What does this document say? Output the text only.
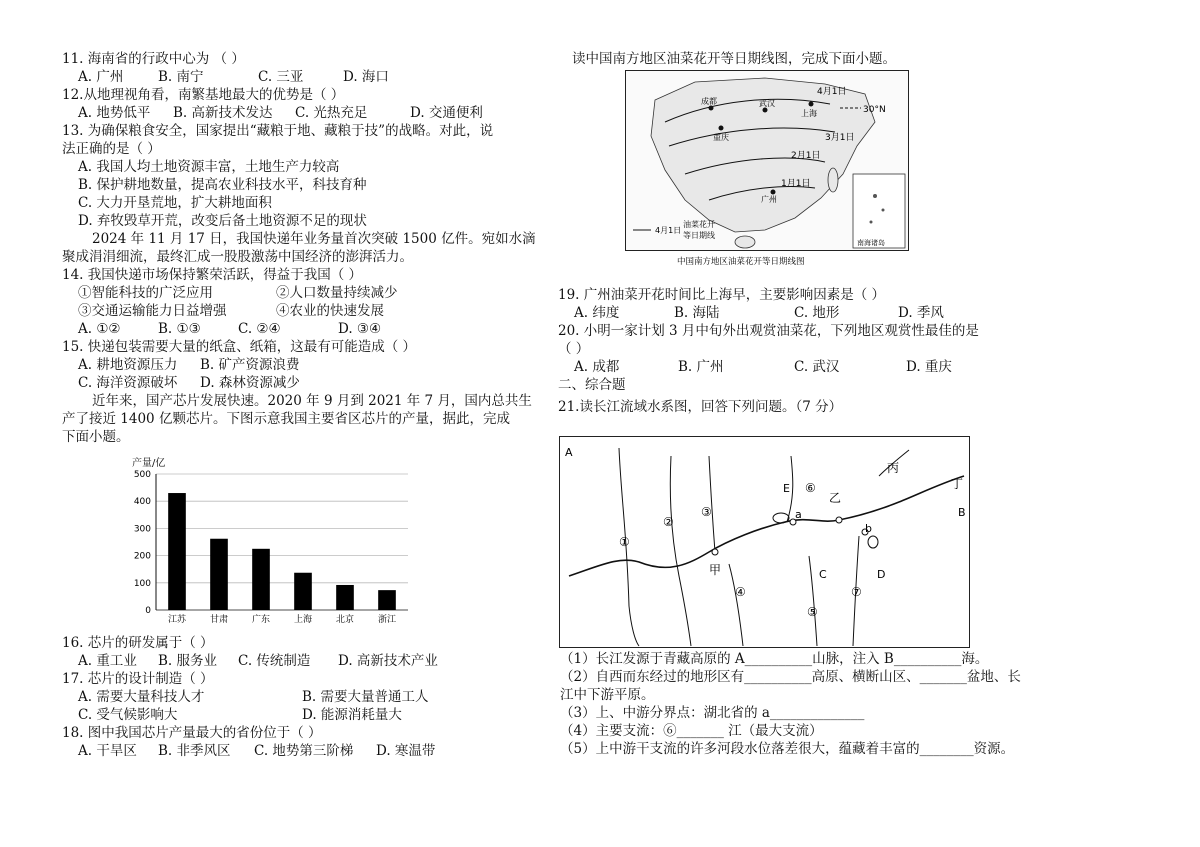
11. 海南省的行政中心为 （ ）
A. 广州	B. 南宁	C. 三亚	D. 海口
12.从地理视角看，南繁基地最大的优势是（ ）
A. 地势低平	B. 高新技术发达	C. 光热充足	D. 交通便利
13. 为确保粮食安全，国家提出“藏粮于地、藏粮于技”的战略。对此，说
法正确的是（ ）
A. 我国人均土地资源丰富，土地生产力较高
B. 保护耕地数量，提高农业科技水平，科技育种
C. 大力开垦荒地，扩大耕地面积
D. 弃牧毁草开荒，改变后备土地资源不足的现状
2024 年 11 月 17 日，我国快递年业务量首次突破 1500 亿件。宛如水滴
聚成涓涓细流，最终汇成一股股激荡中国经济的澎湃活力。
14. 我国快递市场保持繁荣活跃，得益于我国（ ）
①智能科技的广泛应用	②人口数量持续减少
③交通运输能力日益增强	④农业的快速发展
A. ①②	B. ①③	C. ②④	D. ③④
15. 快递包装需要大量的纸盒、纸箱，这最有可能造成（ ）
A. 耕地资源压力	B. 矿产资源浪费
C. 海洋资源破坏	D. 森林资源减少
近年来，国产芯片发展快速。2020 年 9 月到 2021 年 7 月，国内总共生
产了接近 1400 亿颗芯片。下图示意我国主要省区芯片的产量，据此，完成
下面小题。
产量/亿
0
100
200
300
400
500
江苏	甘肃	广东	上海	北京	浙江
16. 芯片的研发属于（ ）
A. 重工业	B. 服务业	C. 传统制造	D. 高新技术产业
17. 芯片的设计制造（ ）
A. 需要大量科技人才	B. 需要大量普通工人
C. 受气候影响大	D. 能源消耗量大
18. 图中我国芯片产量最大的省份位于（ ）
A. 干旱区	B. 非季风区	C. 地势第三阶梯	D. 寒温带
读中国南方地区油菜花开等日期线图，完成下面小题。
南海诸岛
4月1日
30°N
3月1日
2月1日
1月1日
成都	武汉
上海
重庆
广州
4月1日
油菜花开
等日期线
中国南方地区油菜花开等日期线图
19. 广州油菜开花时间比上海早，主要影响因素是（ ）
A. 纬度	B. 海陆	C. 地形	D. 季风
20. 小明一家计划 3 月中旬外出观赏油菜花，下列地区观赏性最佳的是
（ ）
A. 成都	B. 广州	C. 武汉	D. 重庆
二、综合题
21.读长江流域水系图，回答下列问题。（7 分）
A
B
C	D
E
a
b
甲
乙
丙
丁
①
②
③
④
⑤
⑥
⑦
（1）长江发源于青藏高原的 A__________山脉，注入 B__________海。
（2）自西而东经过的地形区有__________高原、横断山区、_______盆地、长
江中下游平原。
（3）上、中游分界点：湖北省的 a______________
（4）主要支流：⑥_______ 江（最大支流）
（5）上中游干支流的许多河段水位落差很大，蕴藏着丰富的________资源。
